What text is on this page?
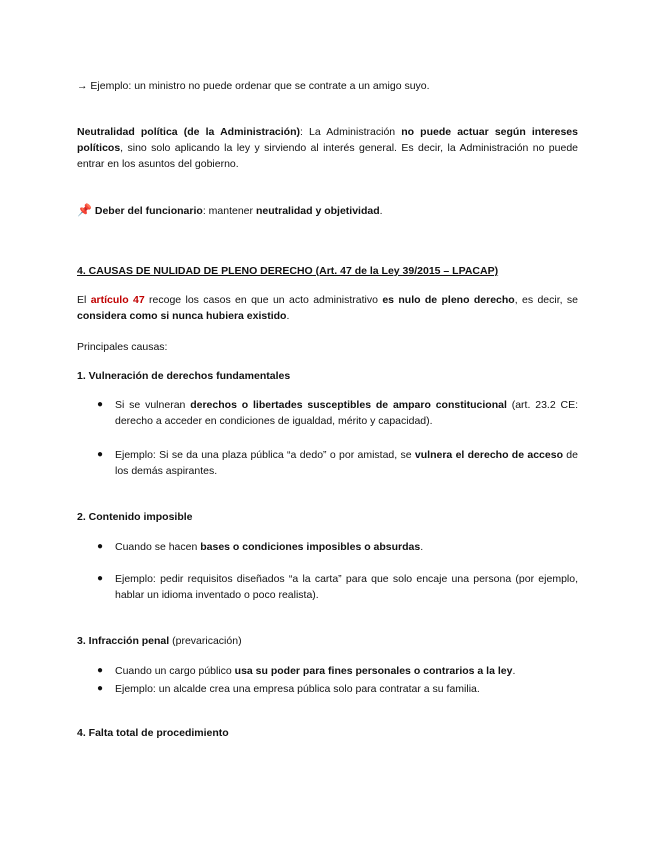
→ Ejemplo: un ministro no puede ordenar que se contrate a un amigo suyo.
Neutralidad política (de la Administración): La Administración no puede actuar según intereses políticos, sino solo aplicando la ley y sirviendo al interés general. Es decir, la Administración no puede entrar en los asuntos del gobierno.
📌 Deber del funcionario: mantener neutralidad y objetividad.
4. CAUSAS DE NULIDAD DE PLENO DERECHO (Art. 47 de la Ley 39/2015 – LPACAP)
El artículo 47 recoge los casos en que un acto administrativo es nulo de pleno derecho, es decir, se considera como si nunca hubiera existido.
Principales causas:
1. Vulneración de derechos fundamentales
● Si se vulneran derechos o libertades susceptibles de amparo constitucional (art. 23.2 CE: derecho a acceder en condiciones de igualdad, mérito y capacidad).
● Ejemplo: Si se da una plaza pública “a dedo” o por amistad, se vulnera el derecho de acceso de los demás aspirantes.
2. Contenido imposible
● Cuando se hacen bases o condiciones imposibles o absurdas.
● Ejemplo: pedir requisitos diseñados “a la carta” para que solo encaje una persona (por ejemplo, hablar un idioma inventado o poco realista).
3. Infracción penal (prevaricación)
● Cuando un cargo público usa su poder para fines personales o contrarios a la ley.
● Ejemplo: un alcalde crea una empresa pública solo para contratar a su familia.
4. Falta total de procedimiento
